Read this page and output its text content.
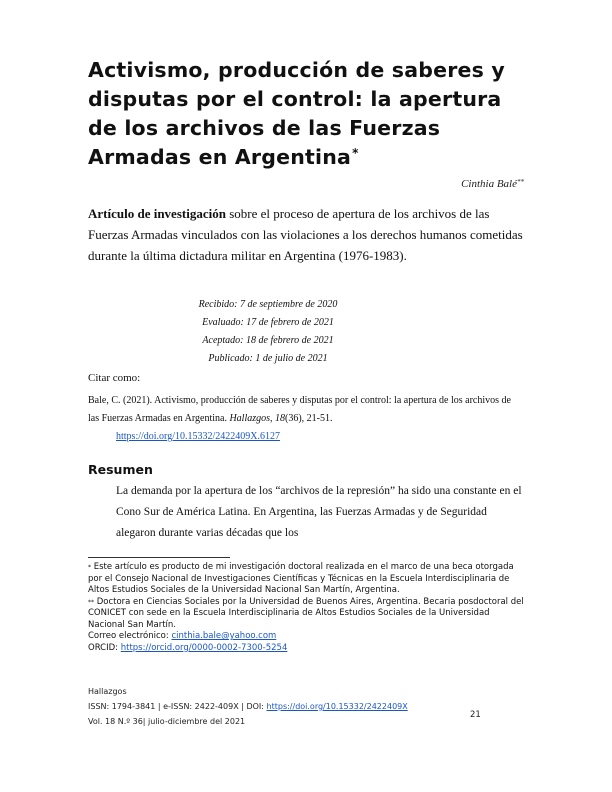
Activismo, producción de saberes y disputas por el control: la apertura de los archivos de las Fuerzas Armadas en Argentina*
Cinthia Balé**
Artículo de investigación sobre el proceso de apertura de los archivos de las Fuerzas Armadas vinculados con las violaciones a los derechos humanos cometidas durante la última dictadura militar en Argentina (1976-1983).
Recibido: 7 de septiembre de 2020
Evaluado: 17 de febrero de 2021
Aceptado: 18 de febrero de 2021
Publicado: 1 de julio de 2021
Citar como:
Bale, C. (2021). Activismo, producción de saberes y disputas por el control: la apertura de los archivos de las Fuerzas Armadas en Argentina. Hallazgos, 18(36), 21-51.
https://doi.org/10.15332/2422409X.6127
Resumen
La demanda por la apertura de los “archivos de la represión” ha sido una constante en el Cono Sur de América Latina. En Argentina, las Fuerzas Armadas y de Seguridad alegaron durante varias décadas que los
* Este artículo es producto de mi investigación doctoral realizada en el marco de una beca otorgada por el Consejo Nacional de Investigaciones Científicas y Técnicas en la Escuela Interdisciplinaria de Altos Estudios Sociales de la Universidad Nacional San Martín, Argentina.
** Doctora en Ciencias Sociales por la Universidad de Buenos Aires, Argentina. Becaria posdoctoral del CONICET con sede en la Escuela Interdisciplinaria de Altos Estudios Sociales de la Universidad Nacional San Martín.
Correo electrónico: cinthia.bale@yahoo.com
ORCID: https://orcid.org/0000-0002-7300-5254
Hallazgos
ISSN: 1794-3841 | e-ISSN: 2422-409X | DOI: https://doi.org/10.15332/2422409X
Vol. 18 N.º 36| julio-diciembre del 2021
21
